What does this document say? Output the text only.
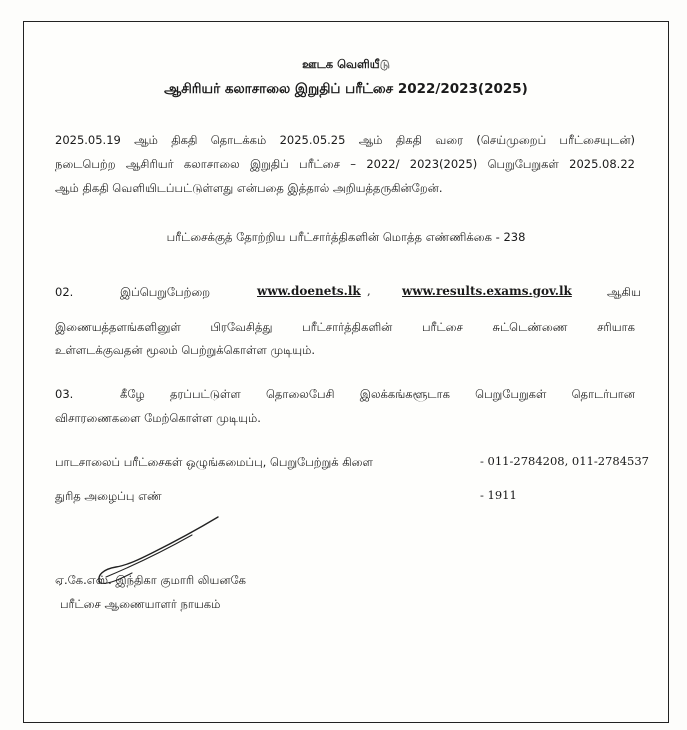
ஊடக வெளியீடு
ஆசிரியர் கலாசாலை இறுதிப் பரீட்சை 2022/2023(2025)
2025.05.19 ஆம் திகதி தொடக்கம் 2025.05.25 ஆம் திகதி வரை (செய்முறைப் பரீட்சையுடன்)
நடைபெற்ற ஆசிரியர் கலாசாலை இறுதிப் பரீட்சை – 2022/ 2023(2025) பெறுபேறுகள் 2025.08.22
ஆம் திகதி வெளியிடப்பட்டுள்ளது என்பதை இத்தால் அறியத்தருகின்றேன்.
பரீட்சைக்குத் தோற்றிய பரீட்சார்த்திகளின் மொத்த எண்ணிக்கை - 238
02.	இப்பெறுபேற்றை	www.doenets.lk ,	www.results.exams.gov.lk	ஆகிய
இணையத்தளங்களினுள்	பிரவேசித்து	பரீட்சார்த்திகளின்	பரீட்சை	சுட்டெண்ணை	சரியாக
உள்ளடக்குவதன் மூலம் பெற்றுக்கொள்ள முடியும்.
03.	கீழே தரப்பட்டுள்ள தொலைபேசி இலக்கங்களூடாக பெறுபேறுகள் தொடர்பான
விசாரணைகளை மேற்கொள்ள முடியும்.
பாடசாலைப் பரீட்சைகள் ஒழுங்கமைப்பு, பெறுபேற்றுக் கிளை	- 011-2784208, 011-2784537
துரித அழைப்பு எண்	- 1911
ஏ.கே.எஸ். இந்திகா குமாரி லியனகே
பரீட்சை ஆணையாளர் நாயகம்
